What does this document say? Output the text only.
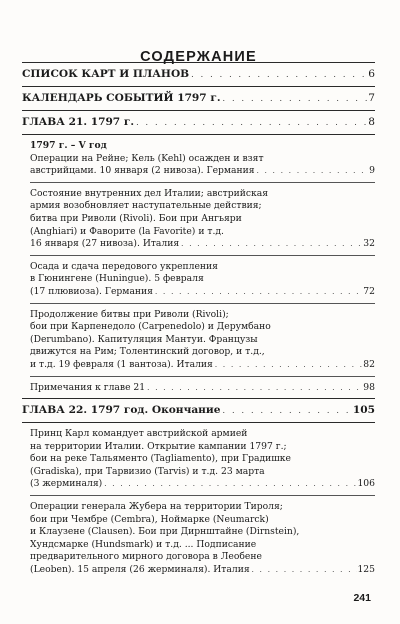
СОДЕРЖАНИЕ
СПИСОК КАРТ И ПЛАНОВ . . .	6
КАЛЕНДАРЬ СОБЫТИЙ 1797 г. . . .	7
ГЛАВА 21. 1797 г. . . .	8
1797 г. – V год
Операции на Рейне; Кель (Kehl) осажден и взят
австрийцами. 10 января (2 нивоза). Германия . . .	9
Состояние внутренних дел Италии; австрийская
армия возобновляет наступательные действия;
битва при Риволи (Rivoli). Бои при Ангьяри
(Anghiari) и Фаворите (la Favorite) и т.д.
16 января (27 нивоза). Италия . . .	32
Осада и сдача передового укрепления
в Гюнингене (Huningue). 5 февраля
(17 плювиоза). Германия . . .	72
Продолжение битвы при Риволи (Rivoli);
бои при Карпенедоло (Carpenedolo) и Дерумбано
(Derumbano). Капитуляция Мантуи. Французы
движутся на Рим; Толентинский договор, и т.д.,
и т.д. 19 февраля (1 вантоза). Италия . . .	82
Примечания к главе 21 . . .	98
ГЛАВА 22. 1797 год. Окончание . . .	105
Принц Карл командует австрийской армией
на территории Италии. Открытие кампании 1797 г.;
бои на реке Тальяменто (Tagliamento), при Градишке
(Gradiska), при Тарвизио (Tarvis) и т.д. 23 марта
(3 жерминаля) . . .	106
Операции генерала Жубера на территории Тироля;
бои при Чембре (Cembra), Ноймарке (Neumarck)
и Клаузене (Clausen). Бои при Дирнштайне (Dirnstein),
Хундсмарке (Hundsmark) и т.д. ... Подписание
предварительного мирного договора в Леобене
(Leoben). 15 апреля (26 жерминаля). Италия . . .	125
241
